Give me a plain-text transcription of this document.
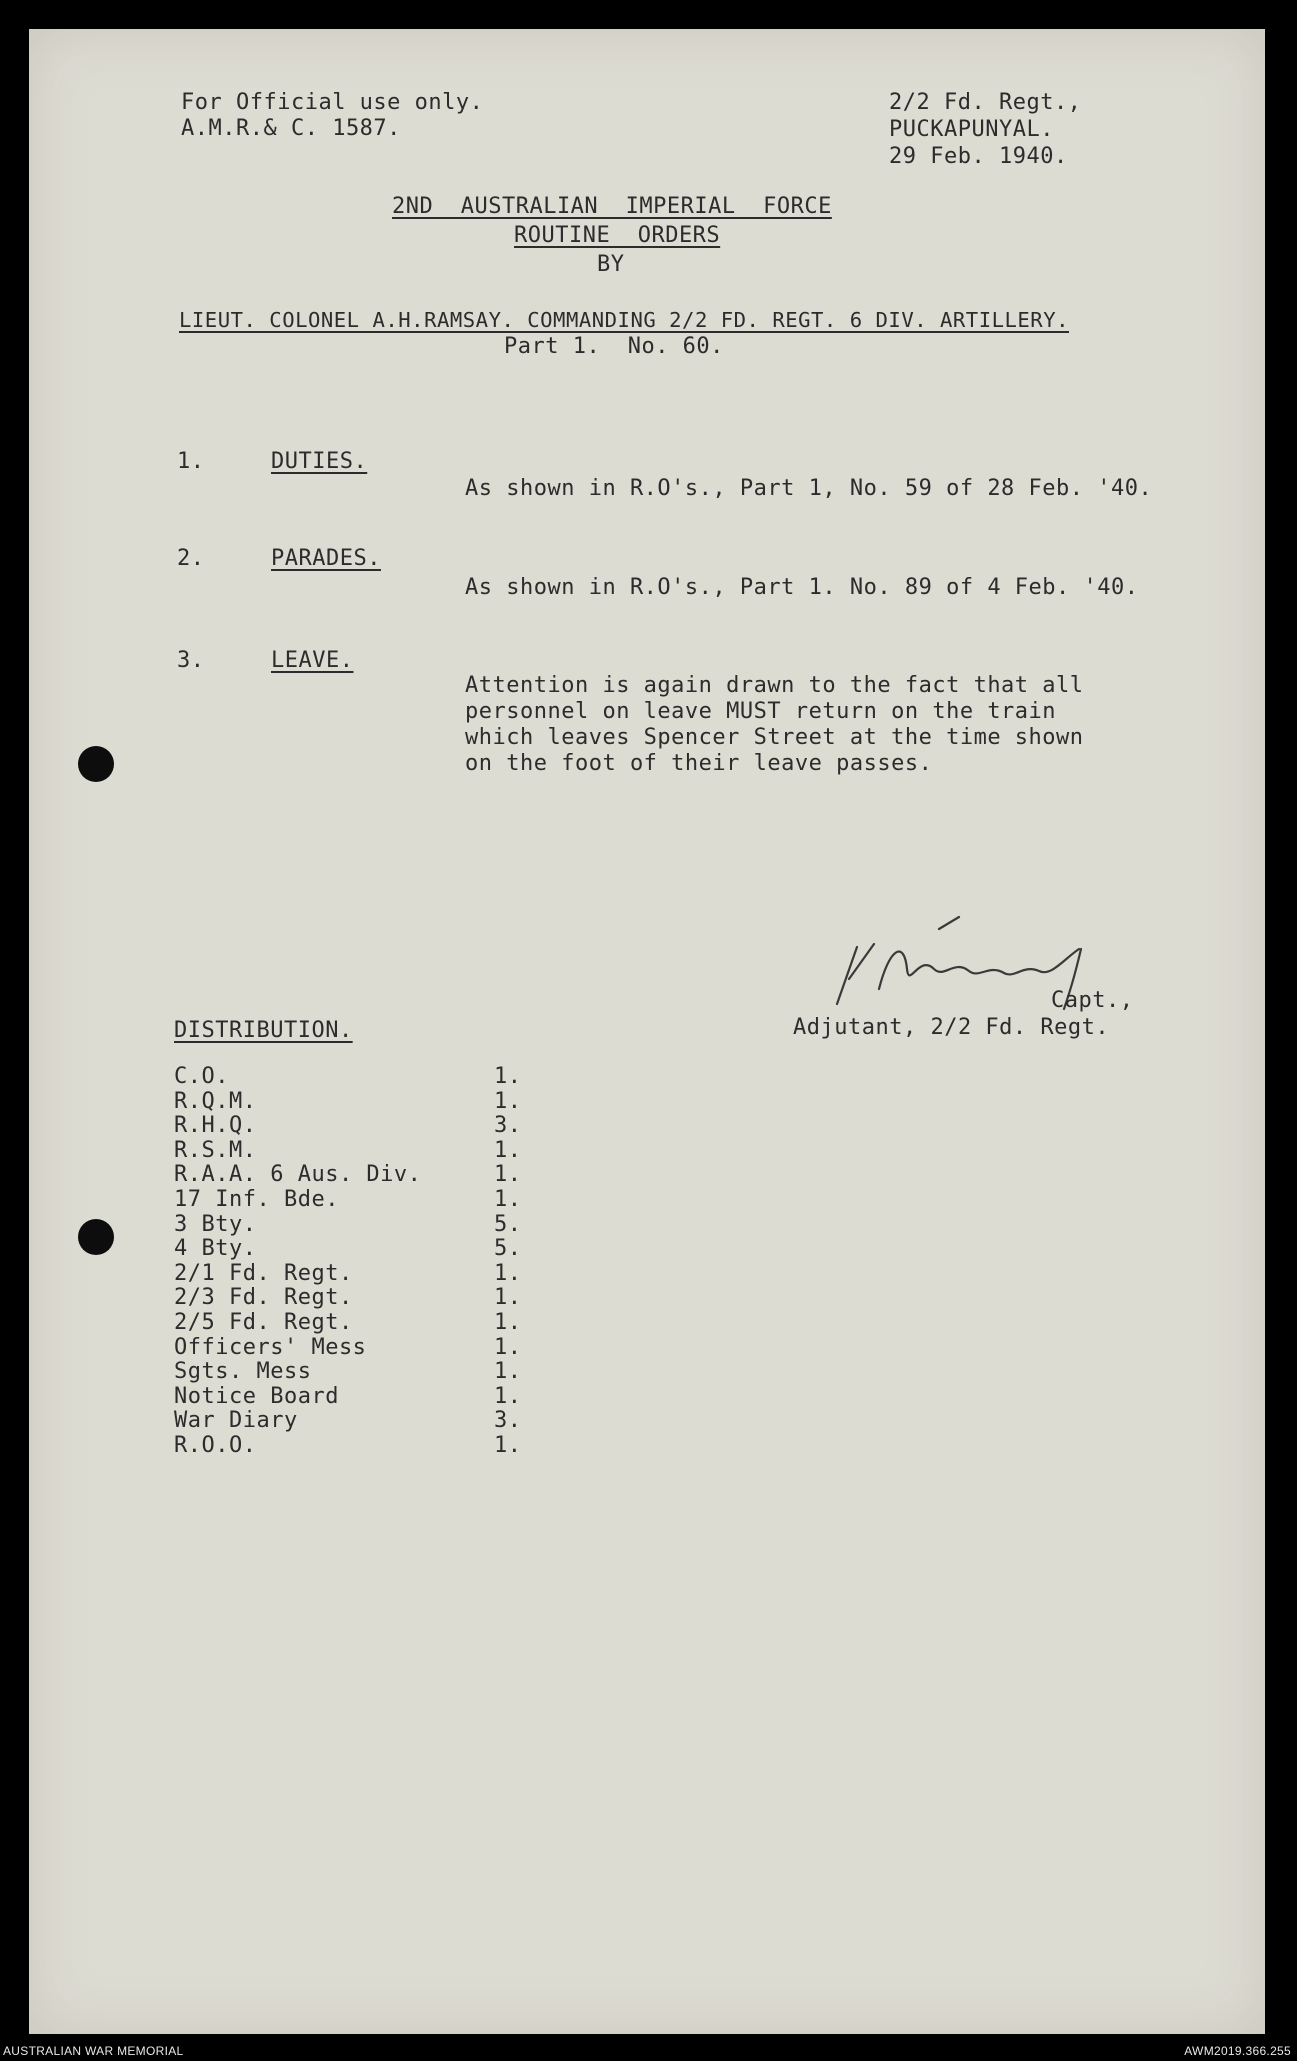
For Official use only.
A.M.R.& C. 1587.
2/2 Fd. Regt.,
PUCKAPUNYAL.
29 Feb. 1940.
2ND  AUSTRALIAN  IMPERIAL  FORCE
ROUTINE  ORDERS
BY
LIEUT. COLONEL A.H.RAMSAY. COMMANDING 2/2 FD. REGT. 6 DIV. ARTILLERY.
Part 1.  No. 60.
1.	DUTIES.
As shown in R.O's., Part 1, No. 59 of 28 Feb. '40.
2.	PARADES.
As shown in R.O's., Part 1. No. 89 of 4 Feb. '40.
3.	LEAVE.
Attention is again drawn to the fact that all
personnel on leave MUST return on the train
which leaves Spencer Street at the time shown
on the foot of their leave passes.
Capt.,
Adjutant, 2/2 Fd. Regt.
DISTRIBUTION.
C.O.	1.
R.Q.M.	1.
R.H.Q.	3.
R.S.M.	1.
R.A.A. 6 Aus. Div.	1.
17 Inf. Bde.	1.
3 Bty.	5.
4 Bty.	5.
2/1 Fd. Regt.	1.
2/3 Fd. Regt.	1.
2/5 Fd. Regt.	1.
Officers' Mess	1.
Sgts. Mess	1.
Notice Board	1.
War Diary	3.
R.O.O.	1.
AUSTRALIAN WAR MEMORIAL	AWM2019.366.255
